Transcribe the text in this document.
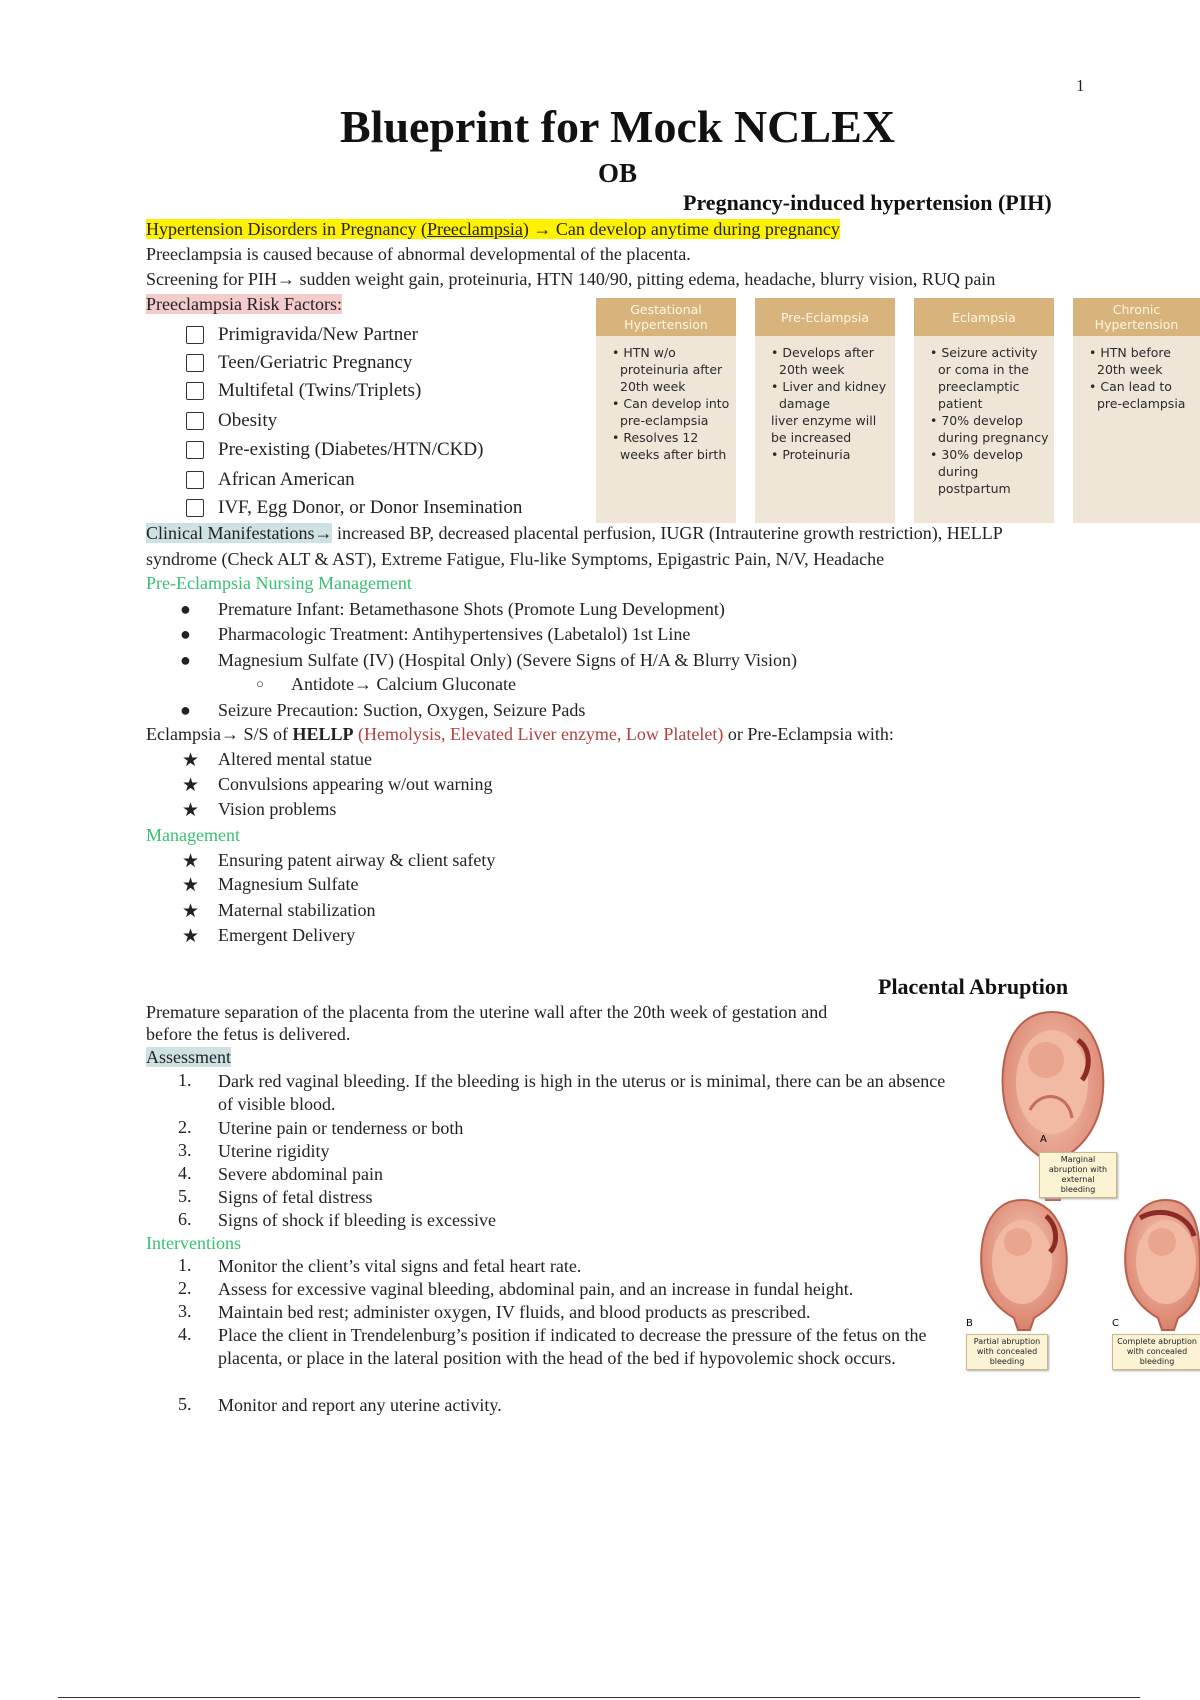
1
Blueprint for Mock NCLEX
OB
Pregnancy-induced hypertension (PIH)
Hypertension Disorders in Pregnancy (Preeclampsia) → Can develop anytime during pregnancy
Preeclampsia is caused because of abnormal developmental of the placenta.
Screening for PIH→ sudden weight gain, proteinuria, HTN 140/90, pitting edema, headache, blurry vision, RUQ pain
Preeclampsia Risk Factors:
Primigravida/New Partner
Teen/Geriatric Pregnancy
Multifetal (Twins/Triplets)
Obesity
Pre-existing (Diabetes/HTN/CKD)
African American
IVF, Egg Donor, or Donor Insemination
Gestational Hypertension
• HTN w/o proteinuria after 20th week
• Can develop into pre-eclampsia
• Resolves 12 weeks after birth
Pre-Eclampsia
• Develops after 20th week
• Liver and kidney damage
liver enzyme will be increased
• Proteinuria
Eclampsia
• Seizure activity or coma in the preeclamptic patient
• 70% develop during pregnancy
• 30% develop during postpartum
Chronic Hypertension
• HTN before 20th week
• Can lead to pre-eclampsia
Clinical Manifestations→ increased BP, decreased placental perfusion, IUGR (Intrauterine growth restriction), HELLP
syndrome (Check ALT & AST), Extreme Fatigue, Flu-like Symptoms, Epigastric Pain, N/V, Headache
Pre-Eclampsia Nursing Management
● Premature Infant: Betamethasone Shots (Promote Lung Development)
● Pharmacologic Treatment: Antihypertensives (Labetalol) 1st Line
● Magnesium Sulfate (IV) (Hospital Only) (Severe Signs of H/A & Blurry Vision)
○ Antidote→ Calcium Gluconate
● Seizure Precaution: Suction, Oxygen, Seizure Pads
Eclampsia→ S/S of HELLP (Hemolysis, Elevated Liver enzyme, Low Platelet) or Pre-Eclampsia with:
★ Altered mental statue
★ Convulsions appearing w/out warning
★ Vision problems
Management
★ Ensuring patent airway & client safety
★ Magnesium Sulfate
★ Maternal stabilization
★ Emergent Delivery
Placental Abruption
Premature separation of the placenta from the uterine wall after the 20th week of gestation and
before the fetus is delivered.
Assessment
1. Dark red vaginal bleeding. If the bleeding is high in the uterus or is minimal, there can be an absence of visible blood.
2. Uterine pain or tenderness or both
3. Uterine rigidity
4. Severe abdominal pain
5. Signs of fetal distress
6. Signs of shock if bleeding is excessive
Interventions
1. Monitor the client’s vital signs and fetal heart rate.
2. Assess for excessive vaginal bleeding, abdominal pain, and an increase in fundal height.
3. Maintain bed rest; administer oxygen, IV fluids, and blood products as prescribed.
4. Place the client in Trendelenburg’s position if indicated to decrease the pressure of the fetus on the placenta, or place in the lateral position with the head of the bed if hypovolemic shock occurs.
5. Monitor and report any uterine activity.
A
B	C
Marginal abruption with external bleeding
Partial abruption with concealed bleeding
Complete abruption with concealed bleeding
